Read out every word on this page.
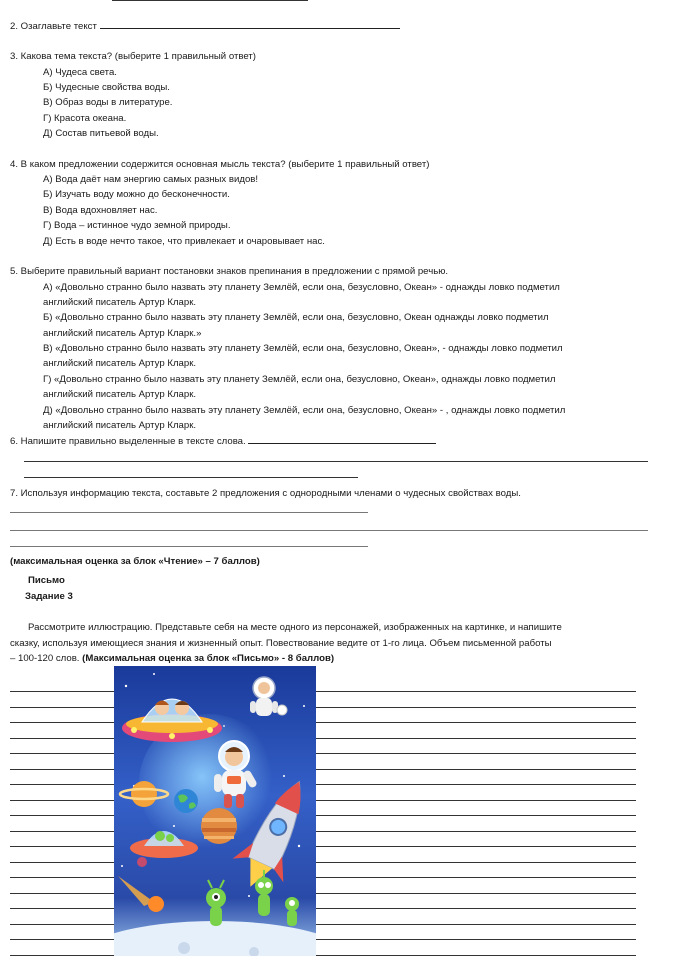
2. Озаглавьте текст
3. Какова тема текста? (выберите 1 правильный ответ)
А) Чудеса света.
Б) Чудесные свойства воды.
В) Образ воды в литературе.
Г) Красота океана.
Д) Состав питьевой воды.
4. В каком предложении содержится основная мысль текста? (выберите 1 правильный ответ)
А) Вода даёт нам энергию самых разных видов!
Б) Изучать воду можно до бесконечности.
В) Вода вдохновляет нас.
Г) Вода – истинное чудо земной природы.
Д) Есть в воде нечто такое, что привлекает и очаровывает нас.
5. Выберите правильный вариант постановки знаков препинания в предложении с прямой речью.
А) «Довольно странно было назвать эту планету Землёй, если она, безусловно, Океан» - однажды ловко подметил
английский писатель Артур Кларк.
Б) «Довольно странно было назвать эту планету Землёй, если она, безусловно, Океан однажды ловко подметил
английский писатель Артур Кларк.»
В) «Довольно странно было назвать эту планету Землёй, если она, безусловно, Океан», - однажды ловко подметил
английский писатель Артур Кларк.
Г) «Довольно странно было назвать эту планету Землёй, если она, безусловно, Океан», однажды ловко подметил
английский писатель Артур Кларк.
Д) «Довольно странно было назвать эту планету Землёй, если она, безусловно, Океан» - , однажды ловко подметил
английский писатель Артур Кларк.
6. Напишите правильно выделенные в тексте слова.
7. Используя информацию текста, составьте 2 предложения с однородными членами о чудесных свойствах воды.
(максимальная оценка за блок «Чтение» – 7 баллов)
Письмо
Задание 3
Рассмотрите иллюстрацию. Представьте себя на месте одного из персонажей, изображенных на картинке, и напишите
сказку, используя имеющиеся знания и жизненный опыт. Повествование ведите от 1-го лица. Объем письменной работы
– 100-120 слов. (Максимальная оценка за блок «Письмо» - 8 баллов)
